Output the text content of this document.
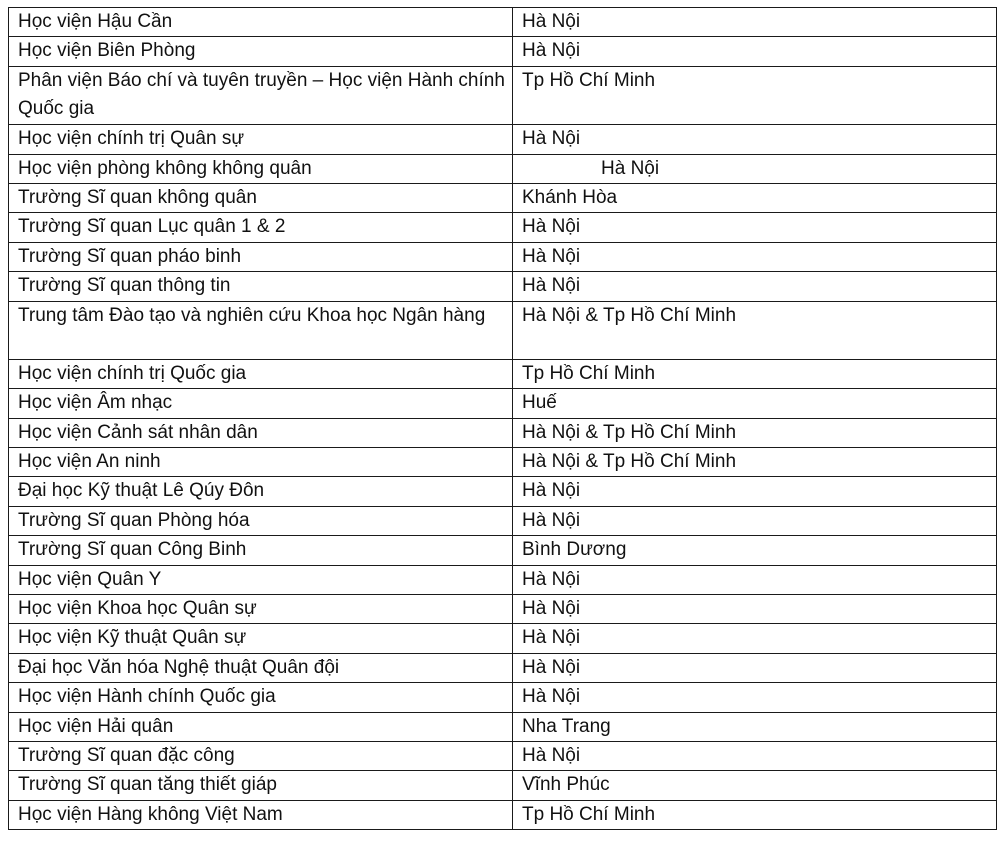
Học viện Hậu Cần	Hà Nội
Học viện Biên Phòng	Hà Nội
Phân viện Báo chí và tuyên truyền – Học viện Hành chính Quốc gia	Tp Hồ Chí Minh
Học viện chính trị Quân sự	Hà Nội
Học viện phòng không không quân	Hà Nội
Trường Sĩ quan không quân	Khánh Hòa
Trường Sĩ quan Lục quân 1 & 2	Hà Nội
Trường Sĩ quan pháo binh	Hà Nội
Trường Sĩ quan thông tin	Hà Nội
Trung tâm Đào tạo và nghiên cứu Khoa học Ngân hàng	Hà Nội & Tp Hồ Chí Minh
Học viện chính trị Quốc gia	Tp Hồ Chí Minh
Học viện Âm nhạc	Huế
Học viện Cảnh sát nhân dân	Hà Nội & Tp Hồ Chí Minh
Học viện An ninh	Hà Nội & Tp Hồ Chí Minh
Đại học Kỹ thuật Lê Qúy Đôn	Hà Nội
Trường Sĩ quan Phòng hóa	Hà Nội
Trường Sĩ quan Công Binh	Bình Dương
Học viện Quân Y	Hà Nội
Học viện Khoa học Quân sự	Hà Nội
Học viện Kỹ thuật Quân sự	Hà Nội
Đại học Văn hóa Nghệ thuật Quân đội	Hà Nội
Học viện Hành chính Quốc gia	Hà Nội
Học viện Hải quân	Nha Trang
Trường Sĩ quan đặc công	Hà Nội
Trường Sĩ quan tăng thiết giáp	Vĩnh Phúc
Học viện Hàng không Việt Nam	Tp Hồ Chí Minh
